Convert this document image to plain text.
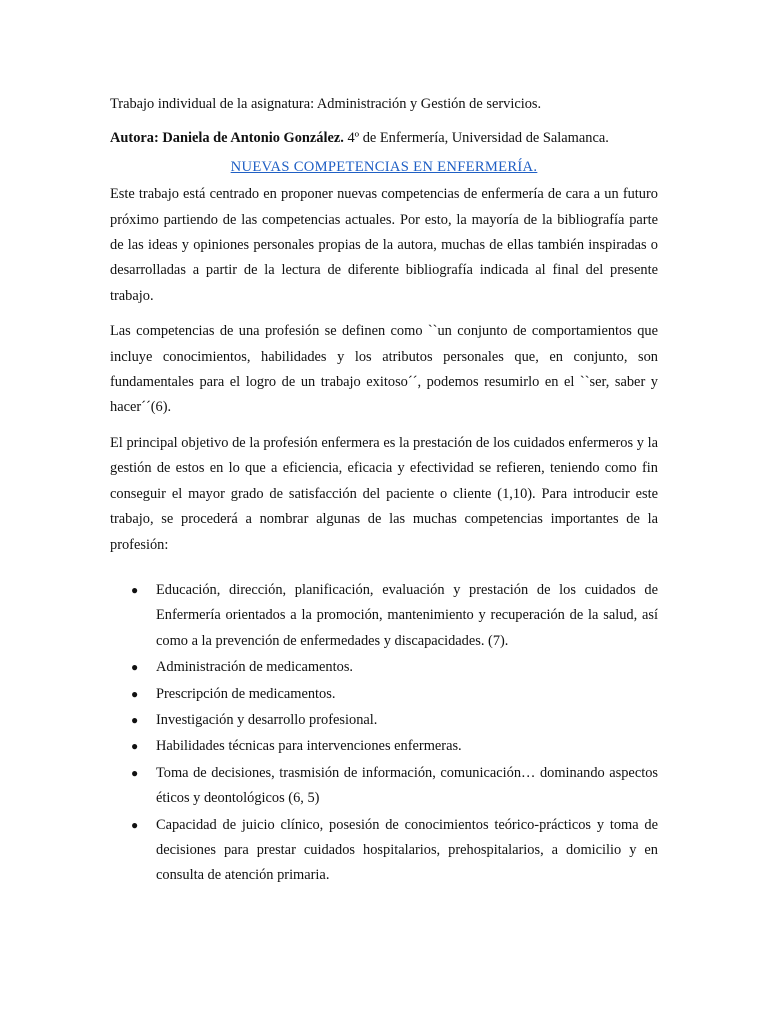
Trabajo individual de la asignatura: Administración y Gestión de servicios.

Autora: Daniela de Antonio González. 4º de Enfermería, Universidad de Salamanca.

NUEVAS COMPETENCIAS EN ENFERMERÍA.

Este trabajo está centrado en proponer nuevas competencias de enfermería de cara a un futuro próximo partiendo de las competencias actuales. Por esto, la mayoría de la bibliografía parte de las ideas y opiniones personales propias de la autora, muchas de ellas también inspiradas o desarrolladas a partir de la lectura de diferente bibliografía indicada al final del presente trabajo.

Las competencias de una profesión se definen como ``un conjunto de comportamientos que incluye conocimientos, habilidades y los atributos personales que, en conjunto, son fundamentales para el logro de un trabajo exitoso´´, podemos resumirlo en el ``ser, saber y hacer´´(6).

El principal objetivo de la profesión enfermera es la prestación de los cuidados enfermeros y la gestión de estos en lo que a eficiencia, eficacia y efectividad se refieren, teniendo como fin conseguir el mayor grado de satisfacción del paciente o cliente (1,10). Para introducir este trabajo, se procederá a nombrar algunas de las muchas competencias importantes de la profesión:

● Educación, dirección, planificación, evaluación y prestación de los cuidados de Enfermería orientados a la promoción, mantenimiento y recuperación de la salud, así como a la prevención de enfermedades y discapacidades. (7).
● Administración de medicamentos.
● Prescripción de medicamentos.
● Investigación y desarrollo profesional.
● Habilidades técnicas para intervenciones enfermeras.
● Toma de decisiones, trasmisión de información, comunicación… dominando aspectos éticos y deontológicos (6, 5)
● Capacidad de juicio clínico, posesión de conocimientos teórico-prácticos y toma de decisiones para prestar cuidados hospitalarios, prehospitalarios, a domicilio y en consulta de atención primaria.
